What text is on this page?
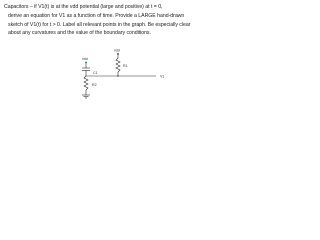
Capacitors – if V1(t) is at the vdd potential (large and positive) at t = 0,
derive an equation for V1 as a function of time. Provide a LARGE hand-drawn
sketch of V1(t) for t > 0. Label all relevant points in the graph. Be especially clear
about any curvatures and the value of the boundary conditions.

vdd
C1
R2
vdd
R1
V1
